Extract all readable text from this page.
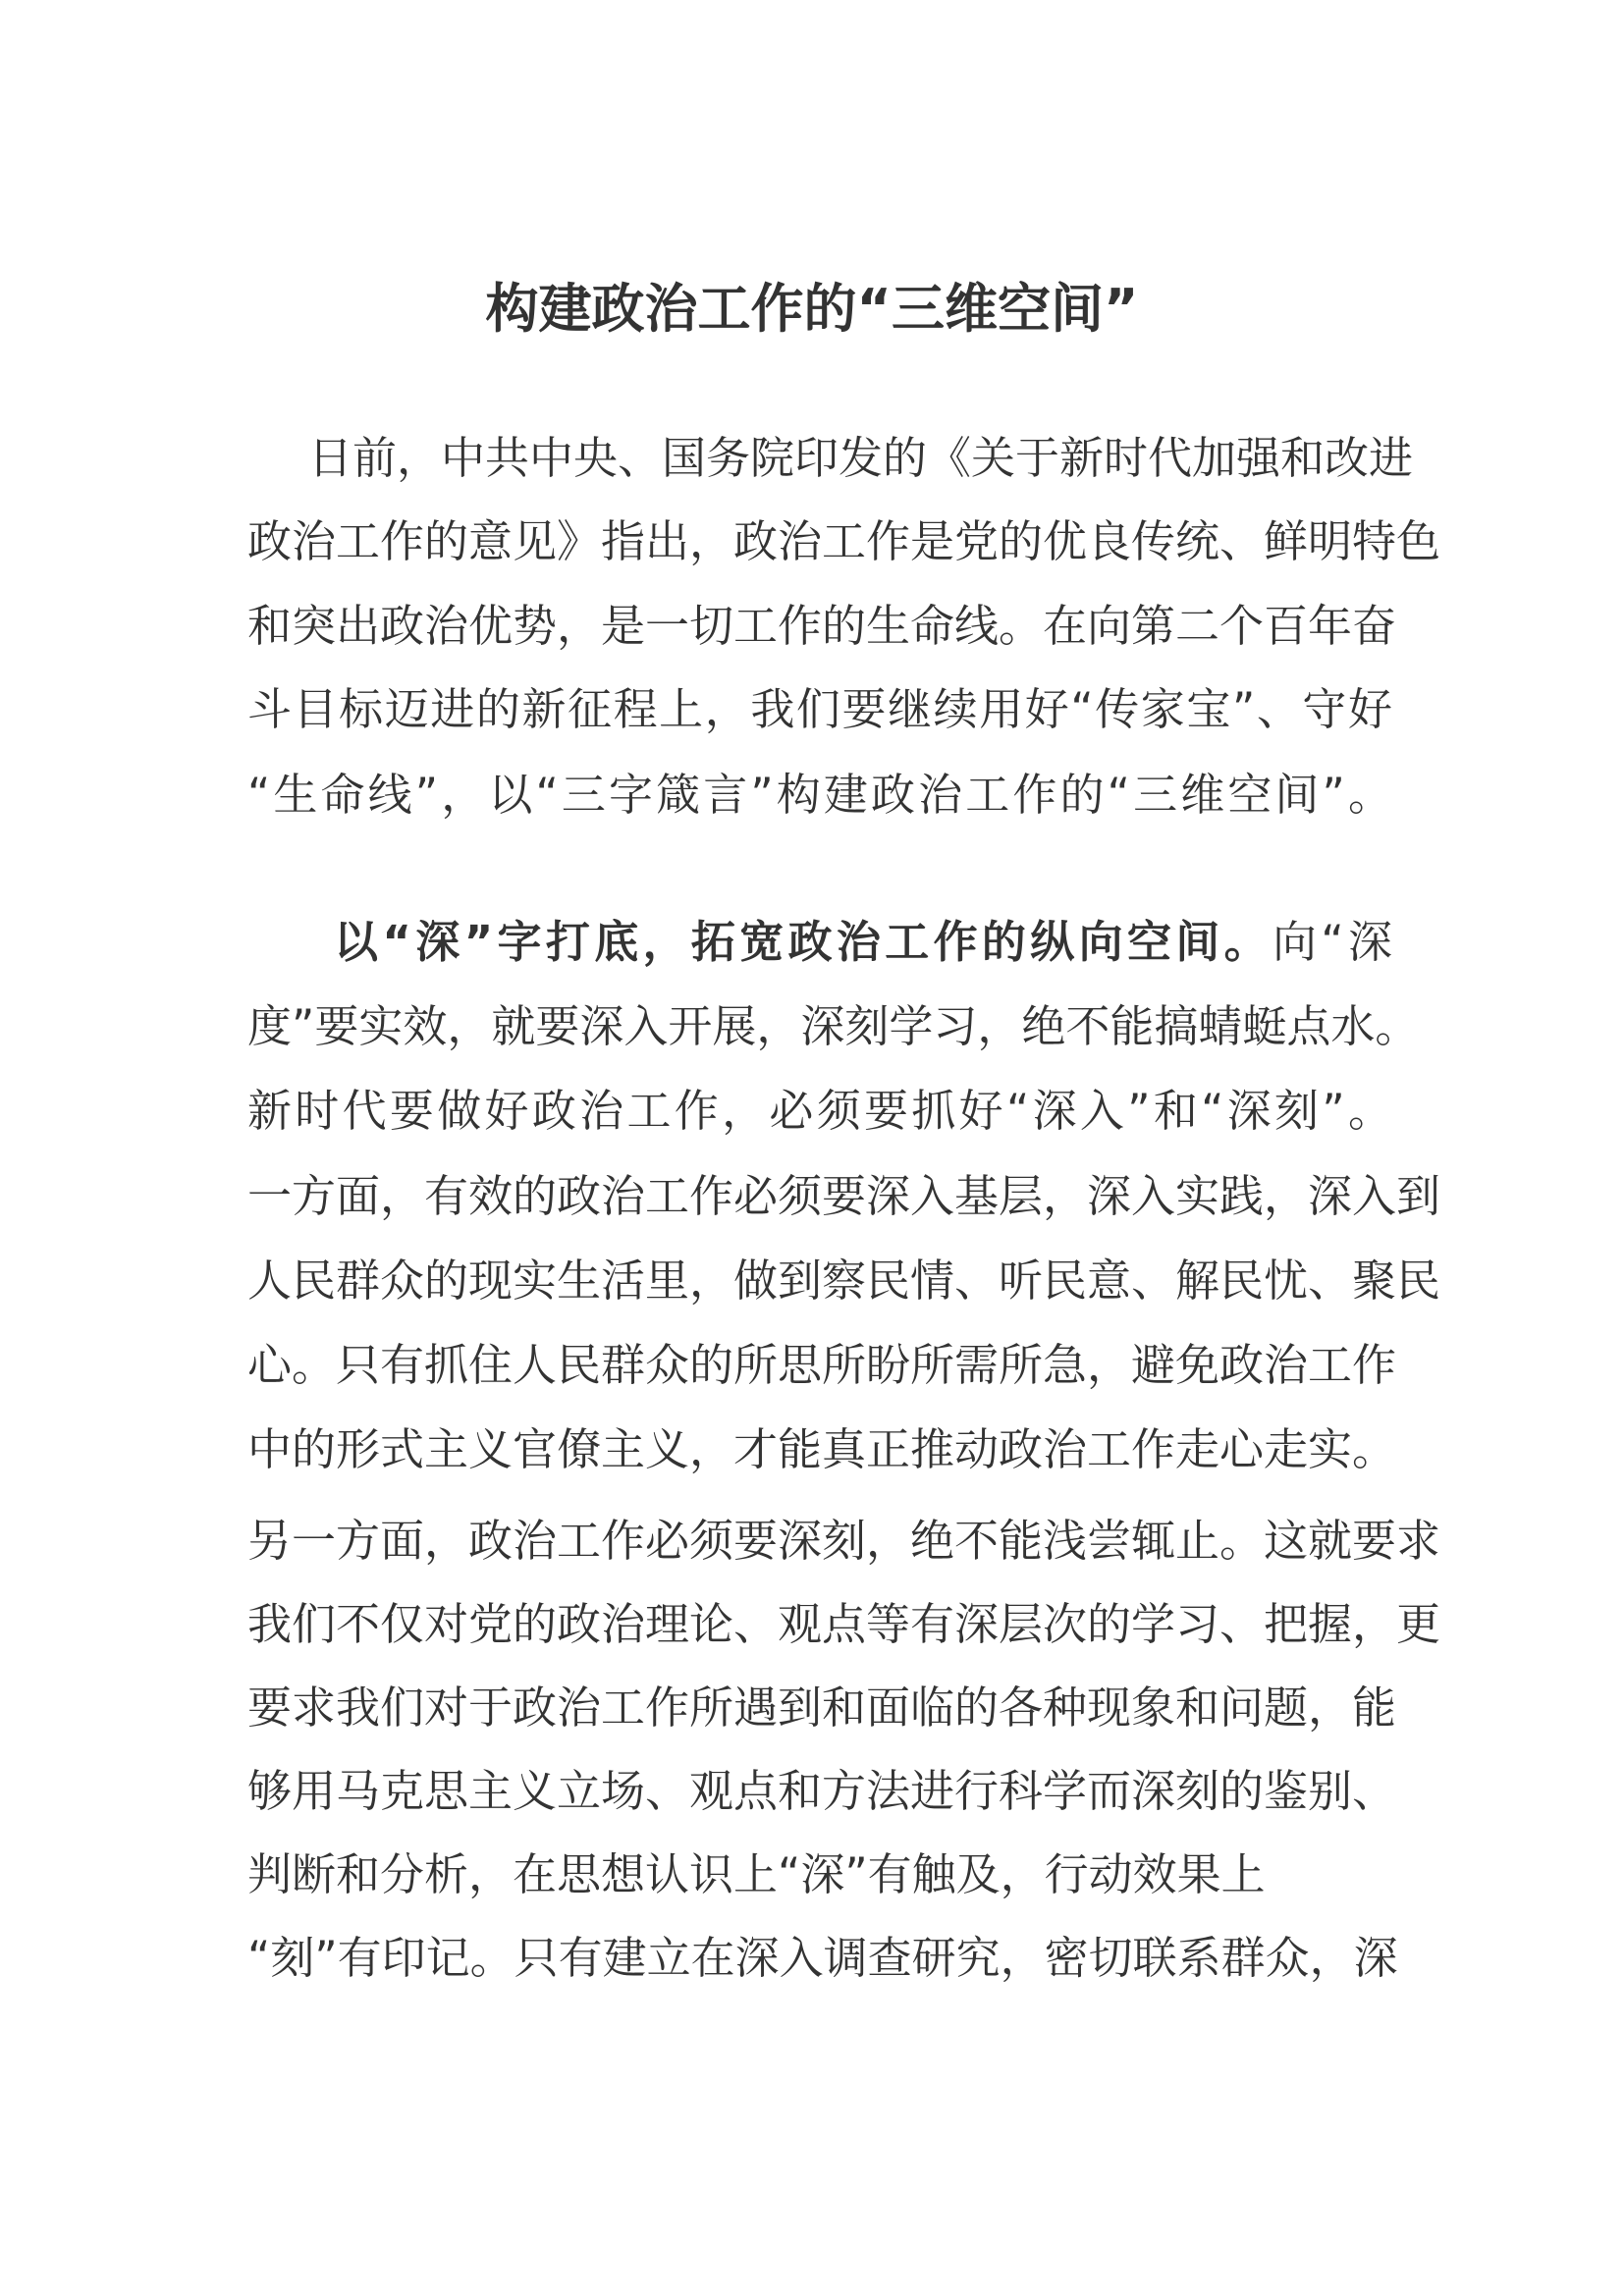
构建政治工作的“三维空间”
日前，中共中央、国务院印发的《关于新时代加强和改进
政治工作的意见》指出，政治工作是党的优良传统、鲜明特色
和突出政治优势，是一切工作的生命线。在向第二个百年奋
斗目标迈进的新征程上，我们要继续用好“传家宝”、守好
“生命线”，以“三字箴言”构建政治工作的“三维空间”。
以“深”字打底，拓宽政治工作的纵向空间。向“深
度”要实效，就要深入开展，深刻学习，绝不能搞蜻蜓点水。
新时代要做好政治工作，必须要抓好“深入”和“深刻”。
一方面，有效的政治工作必须要深入基层，深入实践，深入到
人民群众的现实生活里，做到察民情、听民意、解民忧、聚民
心。只有抓住人民群众的所思所盼所需所急，避免政治工作
中的形式主义官僚主义，才能真正推动政治工作走心走实。
另一方面，政治工作必须要深刻，绝不能浅尝辄止。这就要求
我们不仅对党的政治理论、观点等有深层次的学习、把握，更
要求我们对于政治工作所遇到和面临的各种现象和问题，能
够用马克思主义立场、观点和方法进行科学而深刻的鉴别、
判断和分析，在思想认识上“深”有触及，行动效果上
“刻”有印记。只有建立在深入调查研究，密切联系群众，深
